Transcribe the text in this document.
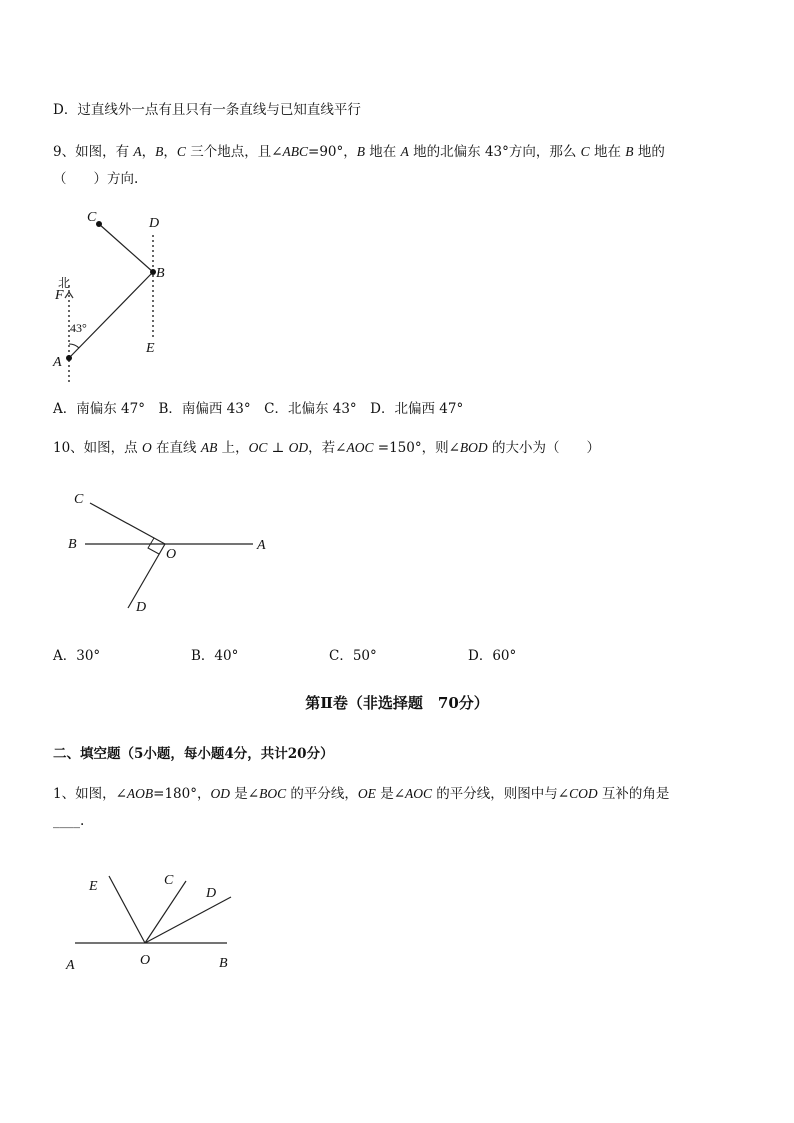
D．过直线外一点有且只有一条直线与已知直线平行
9、如图，有 A，B，C 三个地点，且∠ABC=90°，B 地在 A 地的北偏东 43°方向，那么 C 地在 B 地的
（　　）方向.
C	D
B
北
F
43°
A
E
A．南偏东 47°　B．南偏西 43°　C．北偏东 43°　D．北偏西 47°
10、如图，点 O 在直线 AB 上，OC ⊥ OD，若∠AOC =150°，则∠BOD 的大小为（　　）
C
B
O
A
D
A．30°	B．40°	C．50°	D．60°
第Ⅱ卷（非选择题　70分）
二、填空题（5小题，每小题4分，共计20分）
1、如图，∠AOB=180°，OD 是∠BOC 的平分线，OE 是∠AOC 的平分线，则图中与∠COD 互补的角是
____.
E	C
D
A	O	B
